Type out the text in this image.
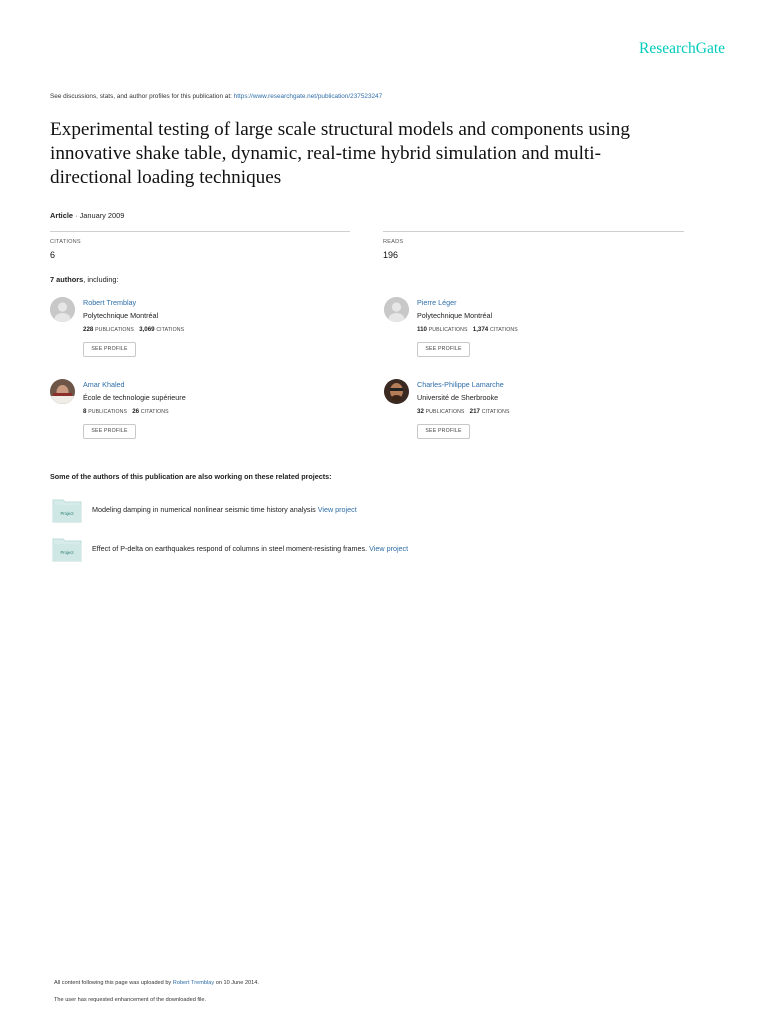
ResearchGate
See discussions, stats, and author profiles for this publication at: https://www.researchgate.net/publication/237523247
Experimental testing of large scale structural models and components using
innovative shake table, dynamic, real-time hybrid simulation and multi-
directional loading techniques
Article · January 2009
CITATIONS
6
READS
196
7 authors, including:
Robert Tremblay
Polytechnique Montréal
228 PUBLICATIONS 3,069 CITATIONS
SEE PROFILE
Pierre Léger
Polytechnique Montréal
110 PUBLICATIONS 1,374 CITATIONS
SEE PROFILE
Amar Khaled
École de technologie supérieure
8 PUBLICATIONS 26 CITATIONS
SEE PROFILE
Charles-Philippe Lamarche
Université de Sherbrooke
32 PUBLICATIONS 217 CITATIONS
SEE PROFILE
Some of the authors of this publication are also working on these related projects:
Project	Modeling damping in numerical nonlinear seismic time history analysis View project
Project	Effect of P-delta on earthquakes respond of columns in steel moment-resisting frames. View project
All content following this page was uploaded by Robert Tremblay on 10 June 2014.
The user has requested enhancement of the downloaded file.
